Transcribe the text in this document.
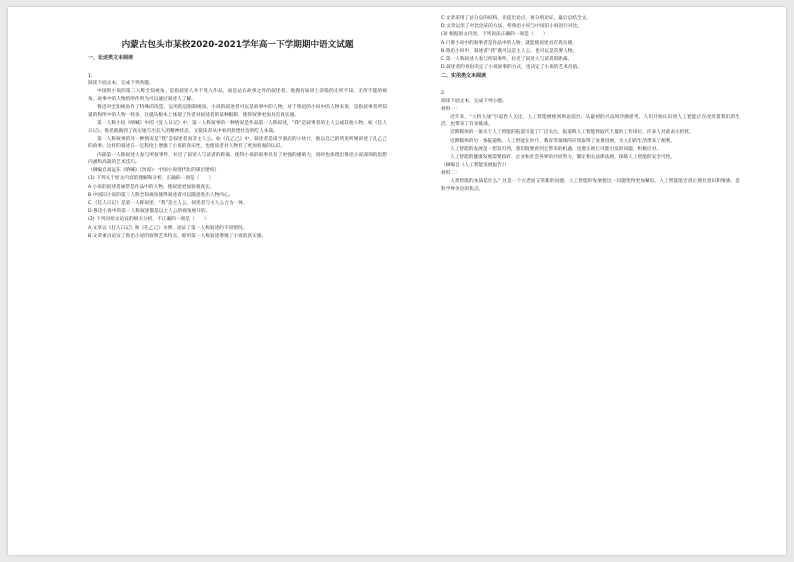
内蒙古包头市某校2020-2021学年高一下学期期中语文试题
一、论述类文本阅读
1.

阅读下面文本，完成下列各题。

中国的小说的第三人称全知视角，是指叙述人并不进入作品，而是站在故事之外的叙述者。他拥有如同上帝般的无所不知、无所不能的视角。故事中的人物的所作所为可以通过叙述人了解。

鲁迅对全知视角作了特殊的改造，运用的是限制视角。小说的叙述者可以是故事中的人物。对于鲁迅的小说中的人物来说，是指叙事者所知道的和所中的人物一样多，这就从根本上体现了作者对叙述者的某种限制，使得叙事更加具有真实感。

第一人称小说《呐喊》中的《狂人日记》中，第一人称叙事的一种情况是作品第一人称叙述，“我”是叙事者的主人公或其他人物，如《狂人日记》。鲁迅既做到了真实地写出狂人的精神状态，又使读者从中看到封建社会的吃人本质。

第一人称叙事的另一种情况是“我”是叙述者而非主人公。如《孔乙己》中，叙述者是咸亨酒店的小伙计，他以自己的所见所闻讲述了孔乙己的故事。这样的叙述在一定程度上增强了小说的真实性，也使读者对人物有了更加客观的认识。

内部第一人称叙述人参与所叙事件，拉近了叙述人与读者的距离，使得小说的叙事具有了更强的感染力，同时也体现出鲁迅小说深刻的思想内涵和高超的艺术技巧。

（摘编自高远东《呐喊》《彷徨》：中国小说现代化的深层建构）

(1) 下列关于原文内容的理解和分析，正确的一项是（　　）

A.小说的叙述者通常是作品中的人物，使叙述更加客观真实。

B.中国旧小说的第三人称全知视角使得叙述者可以随意进出人物内心。

C.《狂人日记》是第一人称叙述，“我”是主人公，叙述者与主人公合为一体。

D.鲁迅小说中的第一人称叙述都是以主人公的视角展开的。

(2) 下列对原文论证的相关分析，不正确的一项是（　　）

A.文章以《狂人日记》和《孔乙己》为例，论证了第一人称叙述的不同情况。

B.文章重点论证了鲁迅小说的叙事艺术特点，即用第一人称叙述增强了小说的真实感。

C.文章采用了总分总的结构，先提出论点，再分别论证，最后总结全文。

D.文章运用了对比论证的方法，将鲁迅小说与中国旧小说进行对比。

(3) 根据原文内容，下列说法正确的一项是（　　）

A.只要小说中的叙事者是作品中的人物，就能使叙述具有真实感。

B.鲁迅小说中，叙述者“我”既可以是主人公，也可以是次要人物。

C.第一人称叙述人参与所叙事件，拉近了叙述人与读者的距离。

D.叙述者的身份决定了小说叙事的方式，也决定了小说的艺术价值。

二、实用类文本阅读
2.

阅读下面文本，完成下列小题。

材料一：

近年来，“人机大战”引起世人关注，人工智能被推到舆论前台。从最初的兴奋到冷静思考，人们开始认识到人工智能正在改变着我们的生活，也带来了许多挑战。

近期媒体的一条关于人工智能的报道引起了广泛关注，报道称人工智能将取代大量的工作岗位，许多人对此表示担忧。

近期媒体的另一条报道称，人工智能在医疗、教育等领域的应用取得了显著进展，为人们的生活带来了便利。

人工智能的发展是一把双刃剑，我们既要看到它带来的机遇，也要正视它可能引发的问题，积极应对。

人工智能的健康发展需要政府、企业和社会各界的共同努力，制定相关法律法规，保障人工智能的安全可控。

（摘编自《人工智能发展报告》）

材料二：

人类智能的本质是什么？这是一个古老而又常新的问题。人工智能的发展使这一问题变得更加紧迫。人工智能能否真正拥有意识和情感，是科学界争论的焦点。
